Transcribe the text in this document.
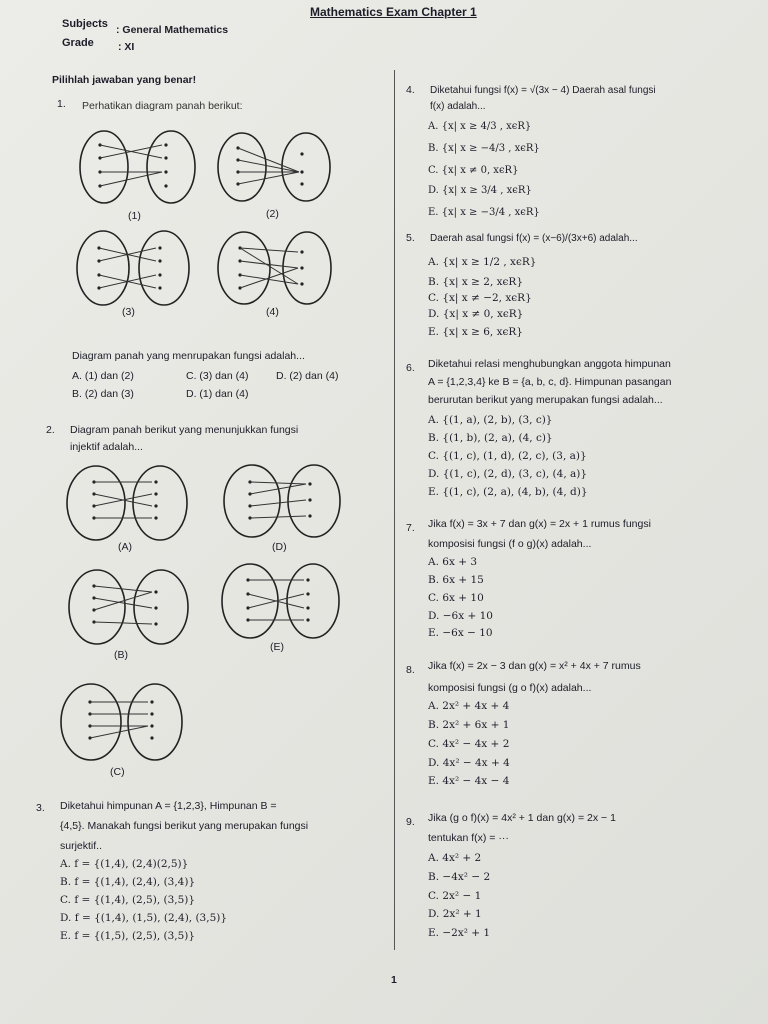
Mathematics Exam Chapter 1
Subjects : General Mathematics
Grade : XI
Pilihlah jawaban yang benar!
1. Perhatikan diagram panah berikut:
(1)	(2)
(3)	(4)
Diagram panah yang menrupakan fungsi adalah...
A. (1) dan (2)	C. (3) dan (4)	D. (2) dan (4)
B. (2) dan (3)	D. (1) dan (4)
2. Diagram panah berikut yang menunjukkan fungsi
injektif adalah...
(A)	(D)
(B)
(E)
(C)
3. Diketahui himpunan A = {1,2,3}, Himpunan B =
{4,5}. Manakah fungsi berikut yang merupakan fungsi
surjektif..
A. f = {(1,4), (2,4)(2,5)}
B. f = {(1,4), (2,4), (3,4)}
C. f = {(1,4), (2,5), (3,5)}
D. f = {(1,4), (1,5), (2,4), (3,5)}
E. f = {(1,5), (2,5), (3,5)}
4. Diketahui fungsi f(x) = √(3x − 4) Daerah asal fungsi
f(x) adalah...
A. {x| x ≥ 4/3 , xϵR}
B. {x| x ≥ −4/3 , xϵR}
C. {x| x ≠ 0, xϵR}
D. {x| x ≥ 3/4 , xϵR}
E. {x| x ≥ −3/4 , xϵR}
5. Daerah asal fungsi f(x) = (x−6)/(3x+6) adalah...
A. {x| x ≥ 1/2 , xϵR}
B. {x| x ≥ 2, xϵR}
C. {x| x ≠ −2, xϵR}
D. {x| x ≠ 0, xϵR}
E. {x| x ≥ 6, xϵR}
6. Diketahui relasi menghubungkan anggota himpunan
A = {1,2,3,4} ke B = {a, b, c, d}. Himpunan pasangan
berurutan berikut yang merupakan fungsi adalah...
A. {(1, a), (2, b), (3, c)}
B. {(1, b), (2, a), (4, c)}
C. {(1, c), (1, d), (2, c), (3, a)}
D. {(1, c), (2, d), (3, c), (4, a)}
E. {(1, c), (2, a), (4, b), (4, d)}
7. Jika f(x) = 3x + 7 dan g(x) = 2x + 1 rumus fungsi
komposisi fungsi (f o g)(x) adalah...
A. 6x + 3
B. 6x + 15
C. 6x + 10
D. −6x + 10
E. −6x − 10
8. Jika f(x) = 2x − 3 dan g(x) = x² + 4x + 7 rumus
komposisi fungsi (g o f)(x) adalah...
A. 2x² + 4x + 4
B. 2x² + 6x + 1
C. 4x² − 4x + 2
D. 4x² − 4x + 4
E. 4x² − 4x − 4
9. Jika (g o f)(x) = 4x² + 1 dan g(x) = 2x − 1
tentukan f(x) = ···
A. 4x² + 2
B. −4x² − 2
C. 2x² − 1
D. 2x² + 1
E. −2x² + 1
1
